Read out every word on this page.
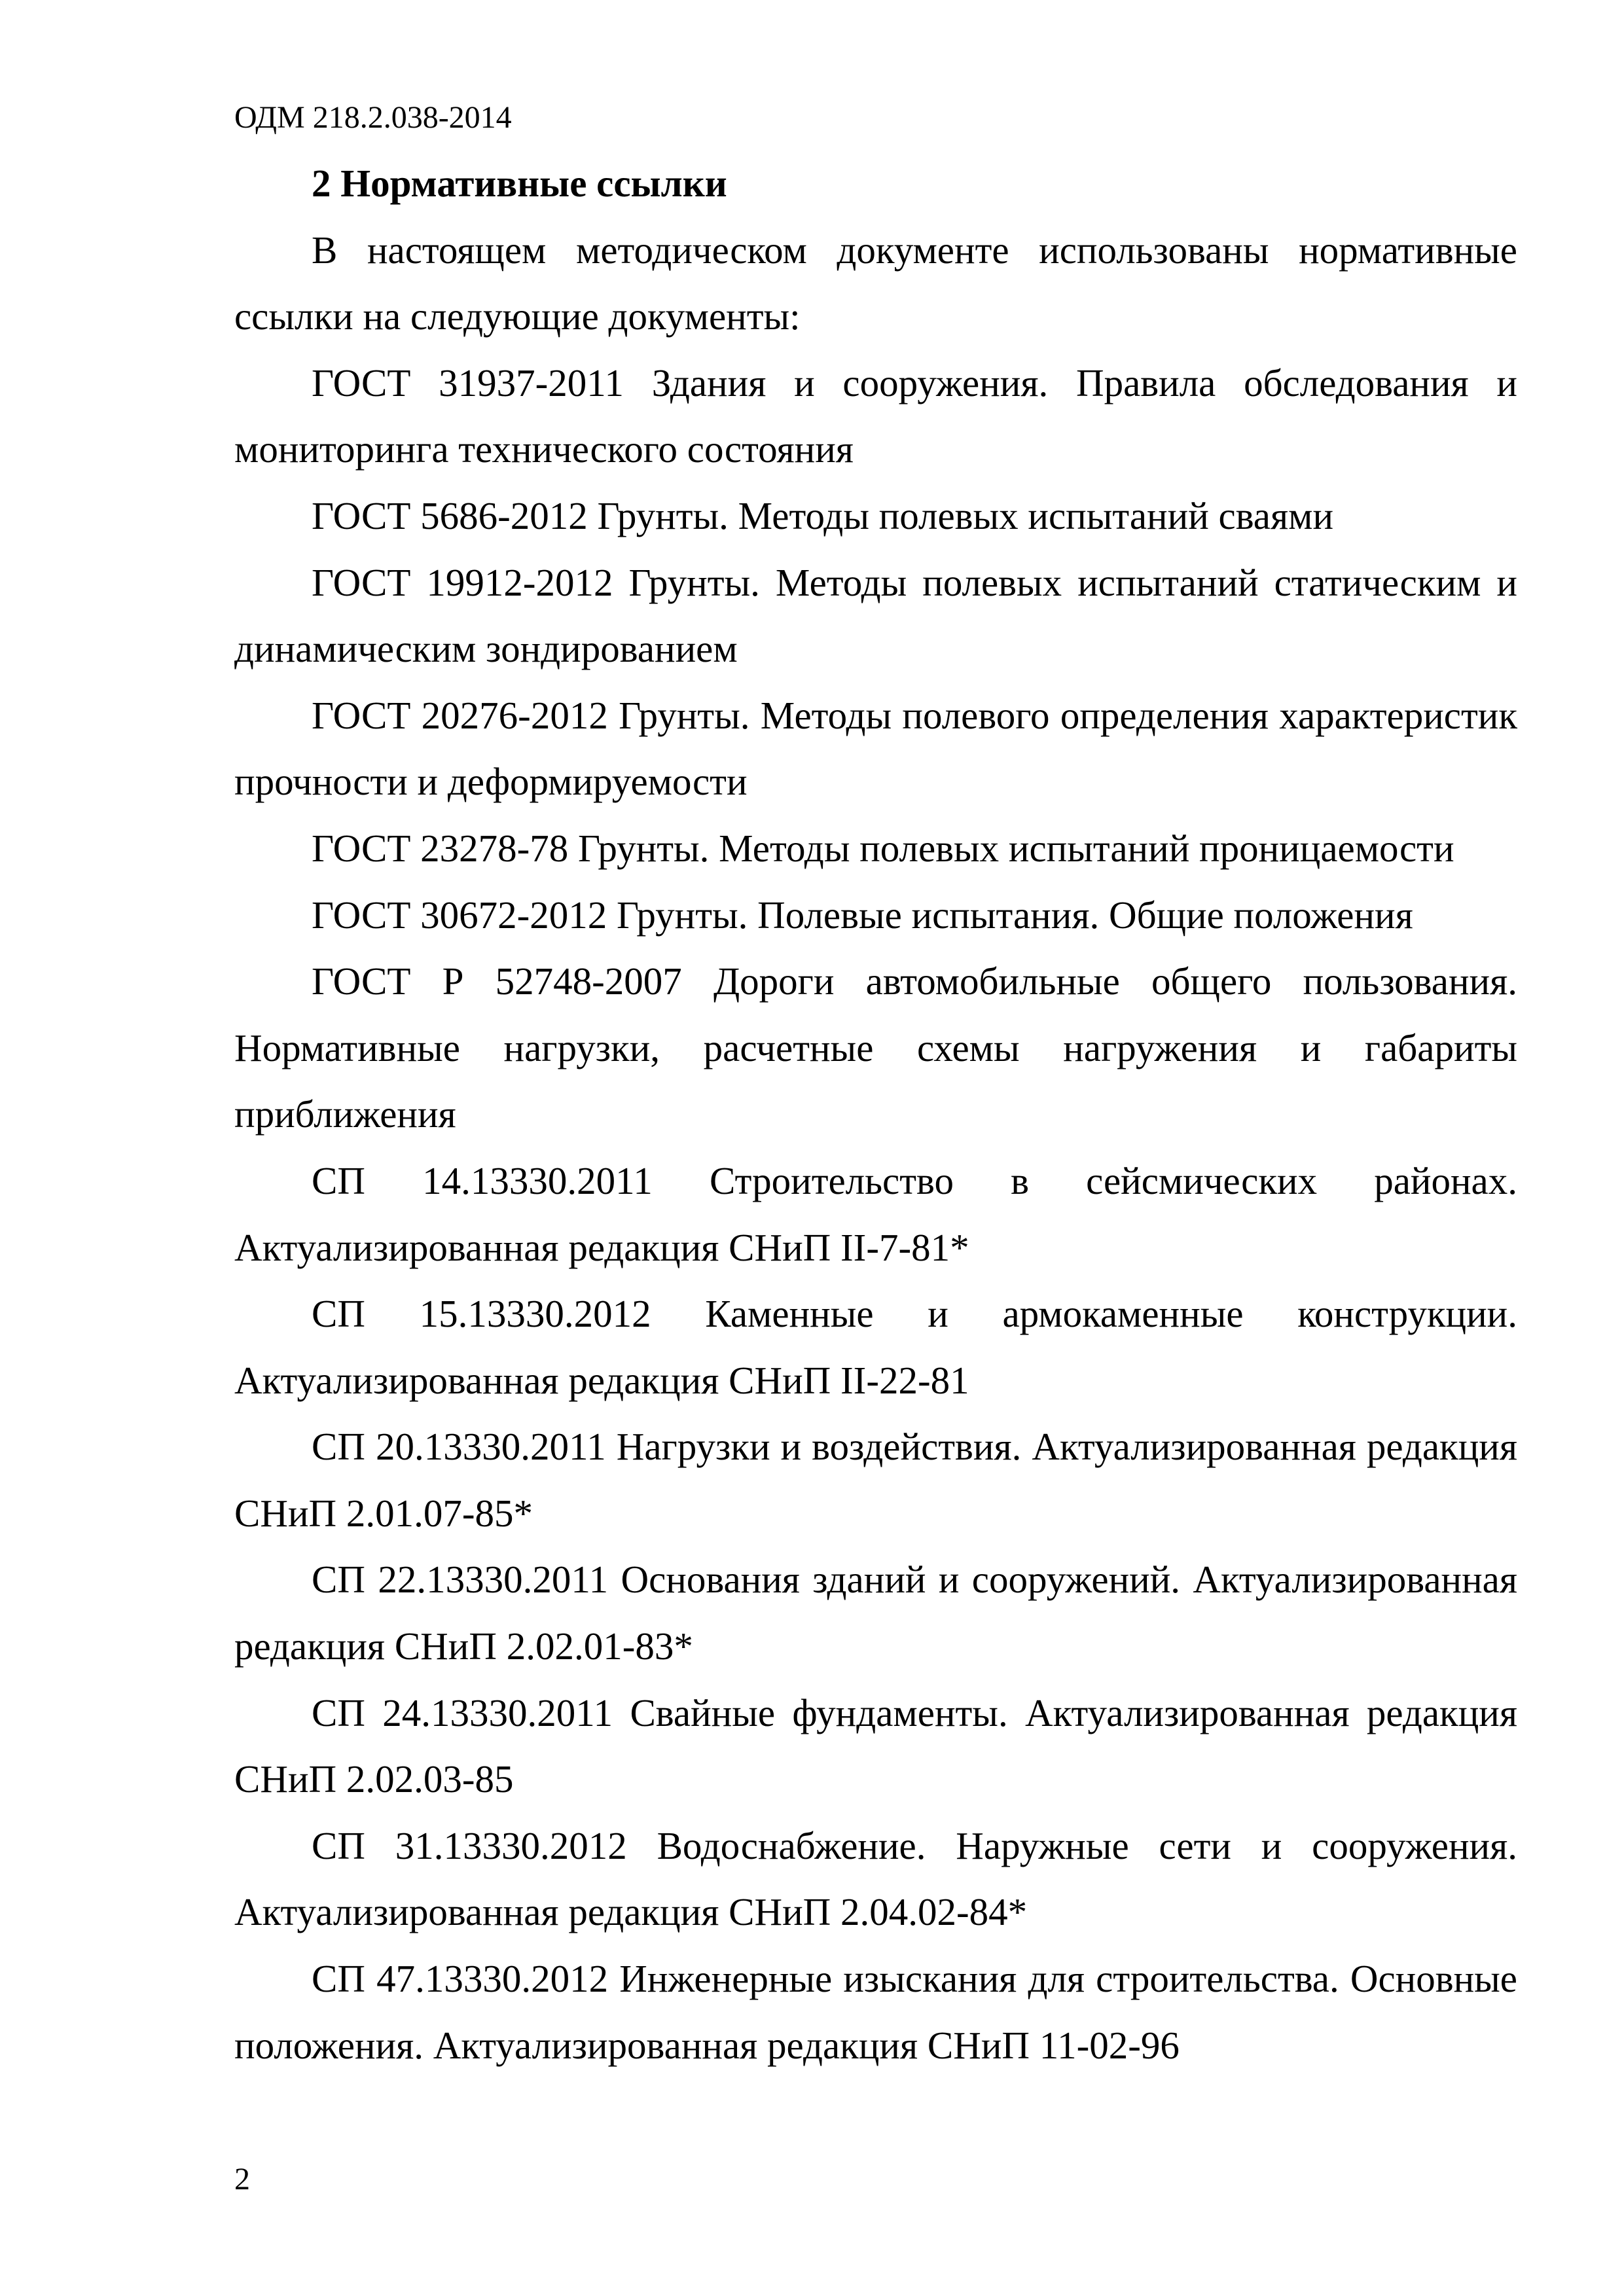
ОДМ 218.2.038-2014
2 Нормативные ссылки

В настоящем методическом документе использованы нормативные ссылки на следующие документы:

ГОСТ 31937-2011 Здания и сооружения. Правила обследования и мониторинга технического состояния

ГОСТ 5686-2012 Грунты. Методы полевых испытаний сваями

ГОСТ 19912-2012 Грунты. Методы полевых испытаний статическим и динамическим зондированием

ГОСТ 20276-2012 Грунты. Методы полевого определения характеристик прочности и деформируемости

ГОСТ 23278-78 Грунты. Методы полевых испытаний проницаемости

ГОСТ 30672-2012 Грунты. Полевые испытания. Общие положения

ГОСТ Р 52748-2007 Дороги автомобильные общего пользования. Нормативные нагрузки, расчетные схемы нагружения и габариты приближения

СП 14.13330.2011 Строительство в сейсмических районах. Актуализированная редакция СНиП II-7-81*

СП 15.13330.2012 Каменные и армокаменные конструкции. Актуализированная редакция СНиП II-22-81

СП 20.13330.2011 Нагрузки и воздействия. Актуализированная редакция СНиП 2.01.07-85*

СП 22.13330.2011 Основания зданий и сооружений. Актуализированная редакция СНиП 2.02.01-83*

СП 24.13330.2011 Свайные фундаменты. Актуализированная редакция СНиП 2.02.03-85

СП 31.13330.2012 Водоснабжение. Наружные сети и сооружения. Актуализированная редакция СНиП 2.04.02-84*

СП 47.13330.2012 Инженерные изыскания для строительства. Основные положения. Актуализированная редакция СНиП 11-02-96

2
